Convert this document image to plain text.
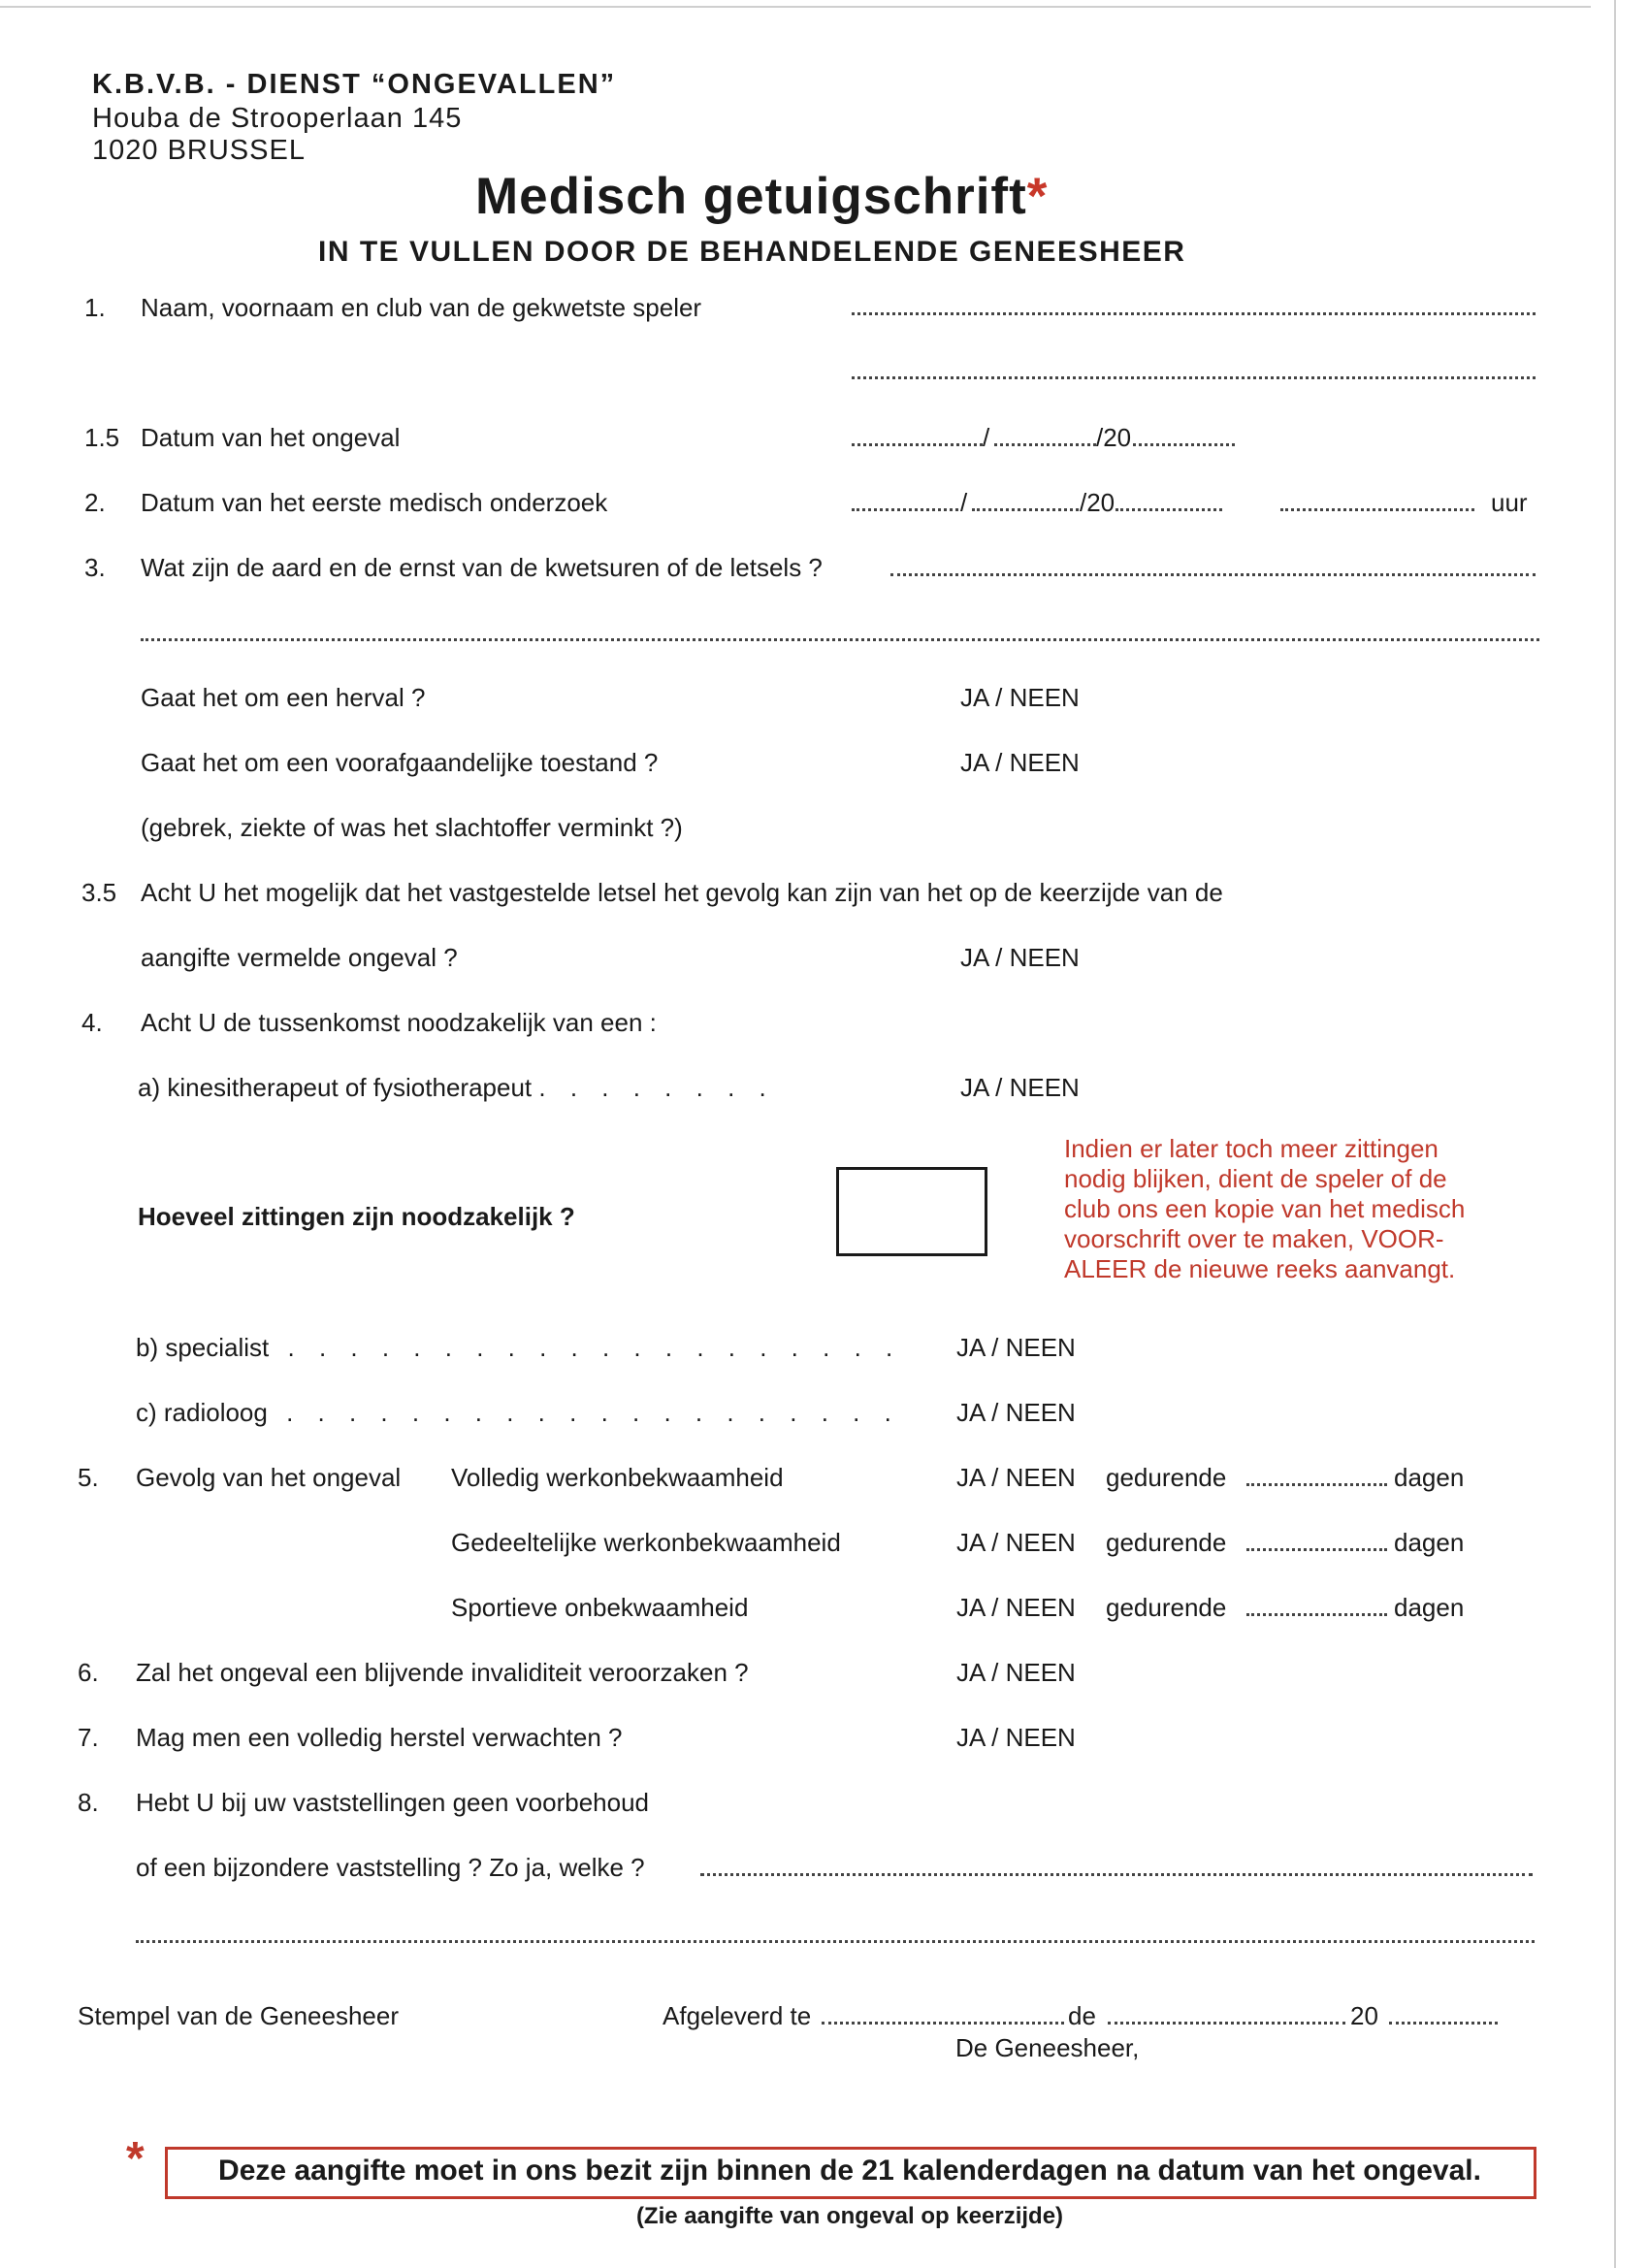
K.B.V.B. - DIENST “ONGEVALLEN”
Houba de Strooperlaan 145
1020 BRUSSEL
Medisch getuigschrift*
IN TE VULLEN DOOR DE BEHANDELENDE GENEESHEER
1. Naam, voornaam en club van de gekwetste speler
1.5 Datum van het ongeval	/	/20
2. Datum van het eerste medisch onderzoek	/	/20	uur
3. Wat zijn de aard en de ernst van de kwetsuren of de letsels ?
Gaat het om een herval ?	JA / NEEN
Gaat het om een voorafgaandelijke toestand ?	JA / NEEN
(gebrek, ziekte of was het slachtoffer verminkt ?)
3.5 Acht U het mogelijk dat het vastgestelde letsel het gevolg kan zijn van het op de keerzijde van de
aangifte vermelde ongeval ?	JA / NEEN
4. Acht U de tussenkomst noodzakelijk van een :
a) kinesitherapeut of fysiotherapeut . . . . . . . .	JA / NEEN
Hoeveel zittingen zijn noodzakelijk ?
Indien er later toch meer zittingen
nodig blijken, dient de speler of de
club ons een kopie van het medisch
voorschrift over te maken, VOOR-
ALEER de nieuwe reeks aanvangt.
b) specialist . . . . . . . . . . . . . . . . . . . . JA / NEEN
c) radioloog . . . . . . . . . . . . . . . . . . . . JA / NEEN
5. Gevolg van het ongeval Volledig werkonbekwaamheid	JA / NEEN gedurende	dagen
Gedeeltelijke werkonbekwaamheid	JA / NEEN gedurende	dagen
Sportieve onbekwaamheid	JA / NEEN gedurende	dagen
6. Zal het ongeval een blijvende invaliditeit veroorzaken ?	JA / NEEN
7. Mag men een volledig herstel verwachten ?	JA / NEEN
8. Hebt U bij uw vaststellingen geen voorbehoud
of een bijzondere vaststelling ? Zo ja, welke ?
Stempel van de Geneesheer	Afgeleverd te	de	20
De Geneesheer,
*	Deze aangifte moet in ons bezit zijn binnen de 21 kalenderdagen na datum van het ongeval.
(Zie aangifte van ongeval op keerzijde)
